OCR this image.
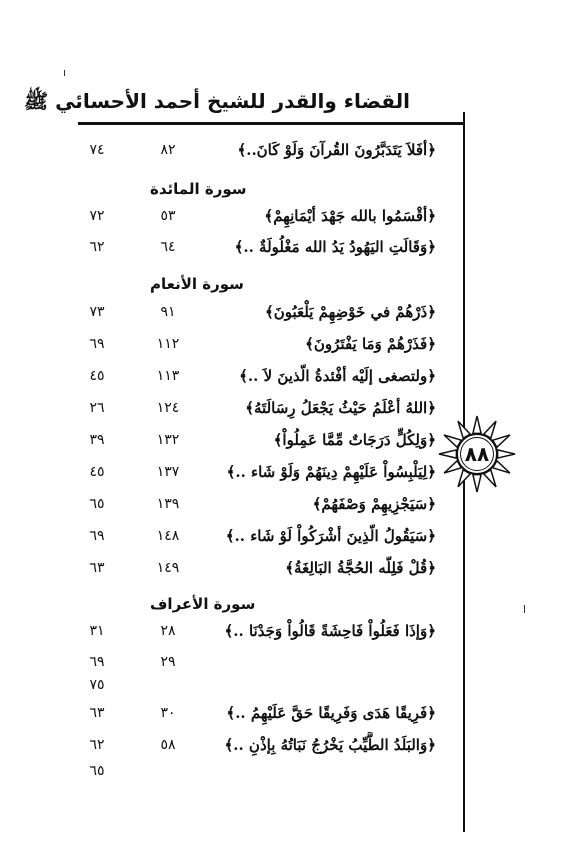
القضاء والقدر للشيخ أحمد الأحسائي ﷺ
٨٨
﴿أفَلاَ يَتَدَبَّرُونَ القُرآنَ وَلَوْ كَانَ..﴾
٨٢
٧٤
سورة المائدة
﴿أقْسَمُوا بالله جَهْدَ أيْمَانِهِمْ﴾
٥٣
٧٢
﴿وَقَالَتِ اليَهُودُ يَدُ الله مَغْلُولَةٌ ..﴾
٦٤
٦٢
سورة الأنعام
﴿ذَرْهُمْ في خَوْضِهِمْ يَلْعَبُونَ﴾
٩١
٧٣
﴿فَذَرْهُمْ وَمَا يَفْتَرُونَ﴾
١١٢
٦٩
﴿ولتصغى إلَيْه أفْئدةُ الّذينَ لاَ ..﴾
١١٣
٤٥
﴿اللهُ أعْلَمُ حَيْثُ يَجْعَلُ رِسَالَتَهُ﴾
١٢٤
٢٦
﴿وَلِكُلٍّ دَرَجَاتٌ مِّمَّا عَمِلُواْ﴾
١٣٢
٣٩
﴿لِيَلْبِسُواْ عَلَيْهِمْ دِينَهُمْ وَلَوْ شَاء ..﴾
١٣٧
٤٥
﴿سَيَجْزِيهِمْ وَصْفَهُمْ﴾
١٣٩
٦٥
﴿سَيَقُولُ الّذِينَ أشْرَكُواْ لَوْ شَاء ..﴾
١٤٨
٦٩
﴿قُلْ فَلِلّه الحُجَّةُ البَالِغَةُ﴾
١٤٩
٦٣
سورة الأعراف
﴿وَإذَا فَعَلُواْ فَاحِشَةً قَالُواْ وَجَدْنَا ..﴾
٢٨
٣١
٢٩
٦٩
٧٥
﴿فَرِيقًا هَدَى وَفَرِيقًا حَقَّ عَلَيْهِمُ ..﴾
٣٠
٦٣
﴿وَالبَلَدُ الطَّيِّبُ يَخْرُجُ نَبَاتُهُ بِإذْنِ ..﴾
٥٨
٦٢
٦٥
